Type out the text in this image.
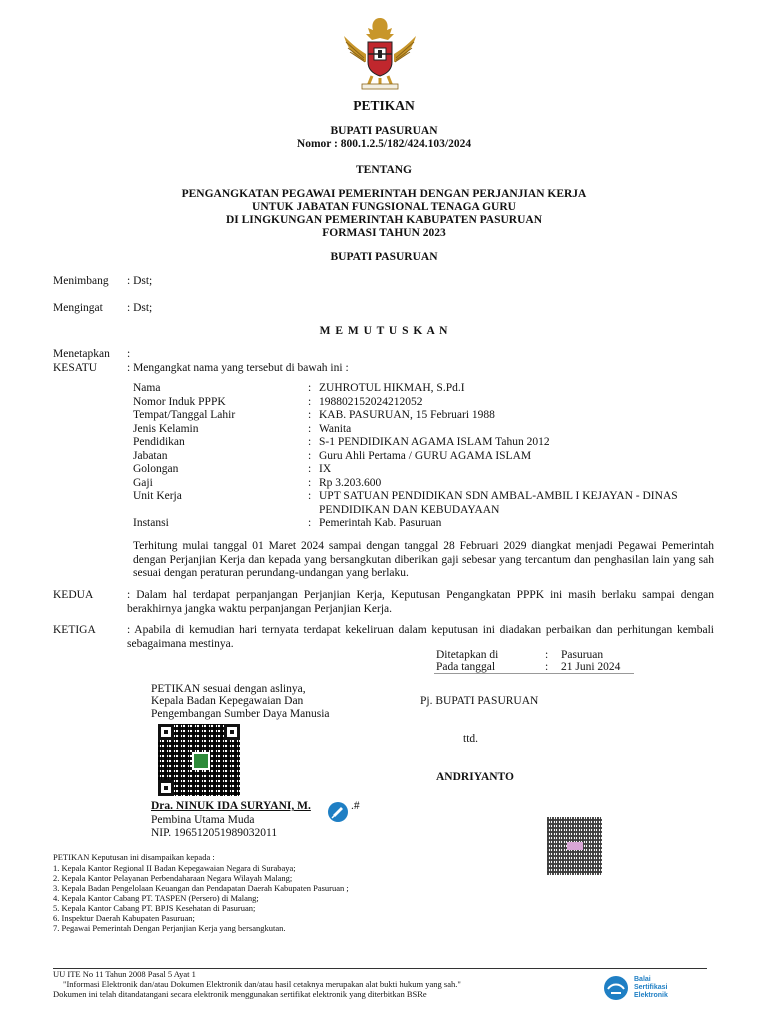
PETIKAN
BUPATI PASURUAN
Nomor : 800.1.2.5/182/424.103/2024
TENTANG
PENGANGKATAN PEGAWAI PEMERINTAH DENGAN PERJANJIAN KERJA
UNTUK JABATAN FUNGSIONAL TENAGA GURU
DI LINGKUNGAN PEMERINTAH KABUPATEN PASURUAN
FORMASI TAHUN 2023
BUPATI PASURUAN
Menimbang : Dst;
Mengingat : Dst;
M E M U T U S K A N
Menetapkan :
KESATU	: Mengangkat nama yang tersebut di bawah ini :
Nama	: ZUHROTUL HIKMAH, S.Pd.I
Nomor Induk PPPK	: 198802152024212052
Tempat/Tanggal Lahir	: KAB. PASURUAN, 15 Februari 1988
Jenis Kelamin	: Wanita
Pendidikan	: S-1 PENDIDIKAN AGAMA ISLAM Tahun 2012
Jabatan	: Guru Ahli Pertama / GURU AGAMA ISLAM
Golongan	: IX
Gaji	: Rp 3.203.600
Unit Kerja	: UPT SATUAN PENDIDIKAN SDN AMBAL-AMBIL I KEJAYAN - DINAS PENDIDIKAN DAN KEBUDAYAAN
Instansi	: Pemerintah Kab. Pasuruan
Terhitung mulai tanggal 01 Maret 2024 sampai dengan tanggal 28 Februari 2029 diangkat menjadi Pegawai Pemerintah dengan Perjanjian Kerja dan kepada yang bersangkutan diberikan gaji sebesar yang tercantum dan penghasilan lain yang sah sesuai dengan peraturan perundang-undangan yang berlaku.
KEDUA	: Dalam hal terdapat perpanjangan Perjanjian Kerja, Keputusan Pengangkatan PPPK ini masih berlaku sampai dengan berakhirnya jangka waktu perpanjangan Perjanjian Kerja.
KETIGA	: Apabila di kemudian hari ternyata terdapat kekeliruan dalam keputusan ini diadakan perbaikan dan perhitungan kembali sebagaimana mestinya.
Ditetapkan di	: Pasuruan
Pada tanggal	: 21 Juni 2024
PETIKAN sesuai dengan aslinya,
Kepala Badan Kepegawaian Dan
Pengembangan Sumber Daya Manusia
Dra. NINUK IDA SURYANI, M.	.#
Pembina Utama Muda
NIP. 196512051989032011
Pj. BUPATI PASURUAN
ttd.
ANDRIYANTO
PETIKAN Keputusan ini disampaikan kepada :
1. Kepala Kantor Regional II Badan Kepegawaian Negara di Surabaya;
2. Kepala Kantor Pelayanan Perbendaharaan Negara Wilayah Malang;
3. Kepala Badan Pengelolaan Keuangan dan Pendapatan Daerah Kabupaten Pasuruan ;
4. Kepala Kantor Cabang PT. TASPEN (Persero) di Malang;
5. Kepala Kantor Cabang PT. BPJS Kesehatan di Pasuruan;
6. Inspektur Daerah Kabupaten Pasuruan;
7. Pegawai Pemerintah Dengan Perjanjian Kerja yang bersangkutan.
UU ITE No 11 Tahun 2008 Pasal 5 Ayat 1
"Informasi Elektronik dan/atau Dokumen Elektronik dan/atau hasil cetaknya merupakan alat bukti hukum yang sah."
Dokumen ini telah ditandatangani secara elektronik menggunakan sertifikat elektronik yang diterbitkan BSRe
Balai
Sertifikasi
Elektronik
